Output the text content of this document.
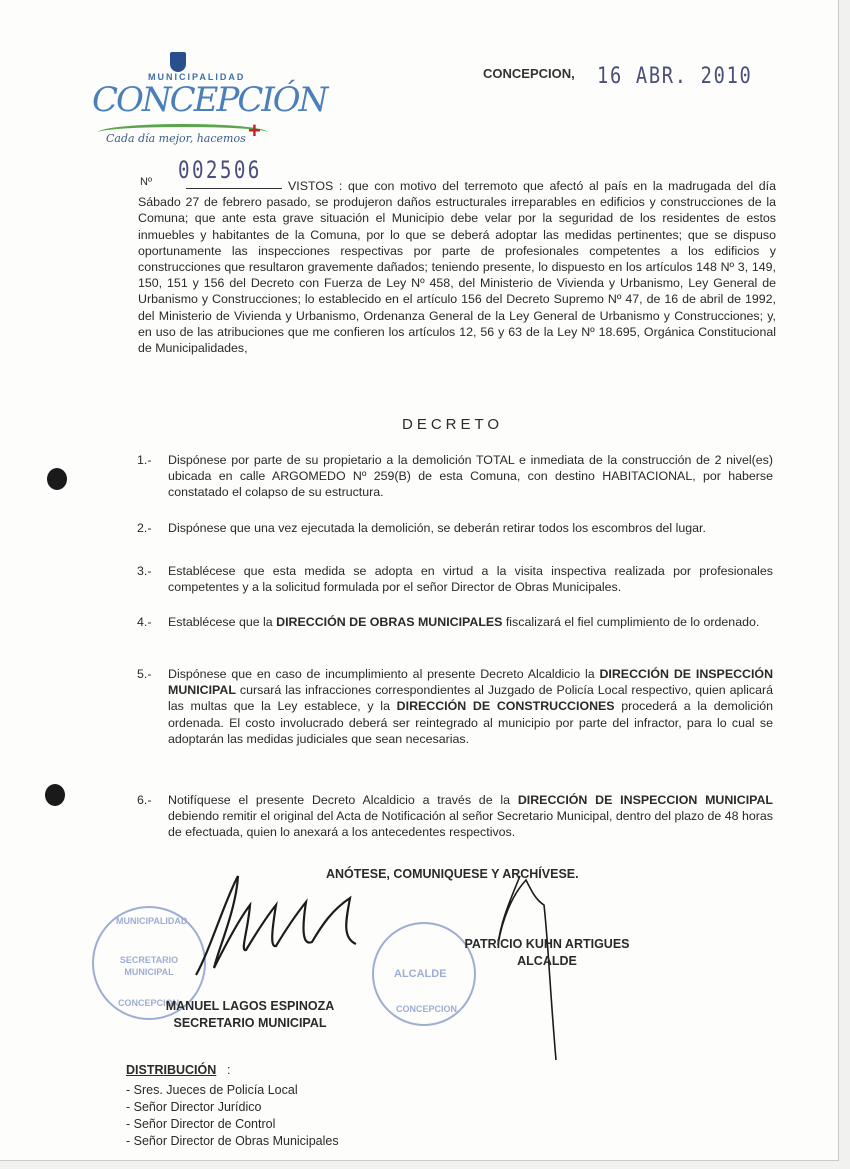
MUNICIPALIDAD
CONCEPCIÓN
Cada día mejor, hacemos +
CONCEPCION, 16 ABR. 2010
Nº 002506
VISTOS : que con motivo del terremoto que afectó al país en la madrugada del día Sábado 27 de febrero pasado, se produjeron daños estructurales irreparables en edificios y construcciones de la Comuna; que ante esta grave situación el Municipio debe velar por la seguridad de los residentes de estos inmuebles y habitantes de la Comuna, por lo que se deberá adoptar las medidas pertinentes; que se dispuso oportunamente las inspecciones respectivas por parte de profesionales competentes a los edificios y construcciones que resultaron gravemente dañados; teniendo presente, lo dispuesto en los artículos 148 Nº 3, 149, 150, 151 y 156 del Decreto con Fuerza de Ley Nº 458, del Ministerio de Vivienda y Urbanismo, Ley General de Urbanismo y Construcciones; lo establecido en el artículo 156 del Decreto Supremo Nº 47, de 16 de abril de 1992, del Ministerio de Vivienda y Urbanismo, Ordenanza General de la Ley General de Urbanismo y Construcciones; y, en uso de las atribuciones que me confieren los artículos 12, 56 y 63 de la Ley Nº 18.695, Orgánica Constitucional de Municipalidades,
DECRETO
1.- Dispónese por parte de su propietario a la demolición TOTAL e inmediata de la construcción de 2 nivel(es) ubicada en calle ARGOMEDO Nº 259(B) de esta Comuna, con destino HABITACIONAL, por haberse constatado el colapso de su estructura.
2.- Dispónese que una vez ejecutada la demolición, se deberán retirar todos los escombros del lugar.
3.- Establécese que esta medida se adopta en virtud a la visita inspectiva realizada por profesionales competentes y a la solicitud formulada por el señor Director de Obras Municipales.
4.- Establécese que la DIRECCIÓN DE OBRAS MUNICIPALES fiscalizará el fiel cumplimiento de lo ordenado.
5.- Dispónese que en caso de incumplimiento al presente Decreto Alcaldicio la DIRECCIÓN DE INSPECCIÓN MUNICIPAL cursará las infracciones correspondientes al Juzgado de Policía Local respectivo, quien aplicará las multas que la Ley establece, y la DIRECCIÓN DE CONSTRUCCIONES procederá a la demolición ordenada. El costo involucrado deberá ser reintegrado al municipio por parte del infractor, para lo cual se adoptarán las medidas judiciales que sean necesarias.
6.- Notifíquese el presente Decreto Alcaldicio a través de la DIRECCIÓN DE INSPECCION MUNICIPAL debiendo remitir el original del Acta de Notificación al señor Secretario Municipal, dentro del plazo de 48 horas de efectuada, quien lo anexará a los antecedentes respectivos.
ANÓTESE, COMUNIQUESE Y ARCHÍVESE.
MUNICIPALIDAD
SECRETARIO MUNICIPAL
CONCEPCION
ALCALDE
CONCEPCION
PATRICIO KUHN ARTIGUES
ALCALDE
MANUEL LAGOS ESPINOZA
SECRETARIO MUNICIPAL
DISTRIBUCIÓN :
- Sres. Jueces de Policía Local
- Señor Director Jurídico
- Señor Director de Control
- Señor Director de Obras Municipales
